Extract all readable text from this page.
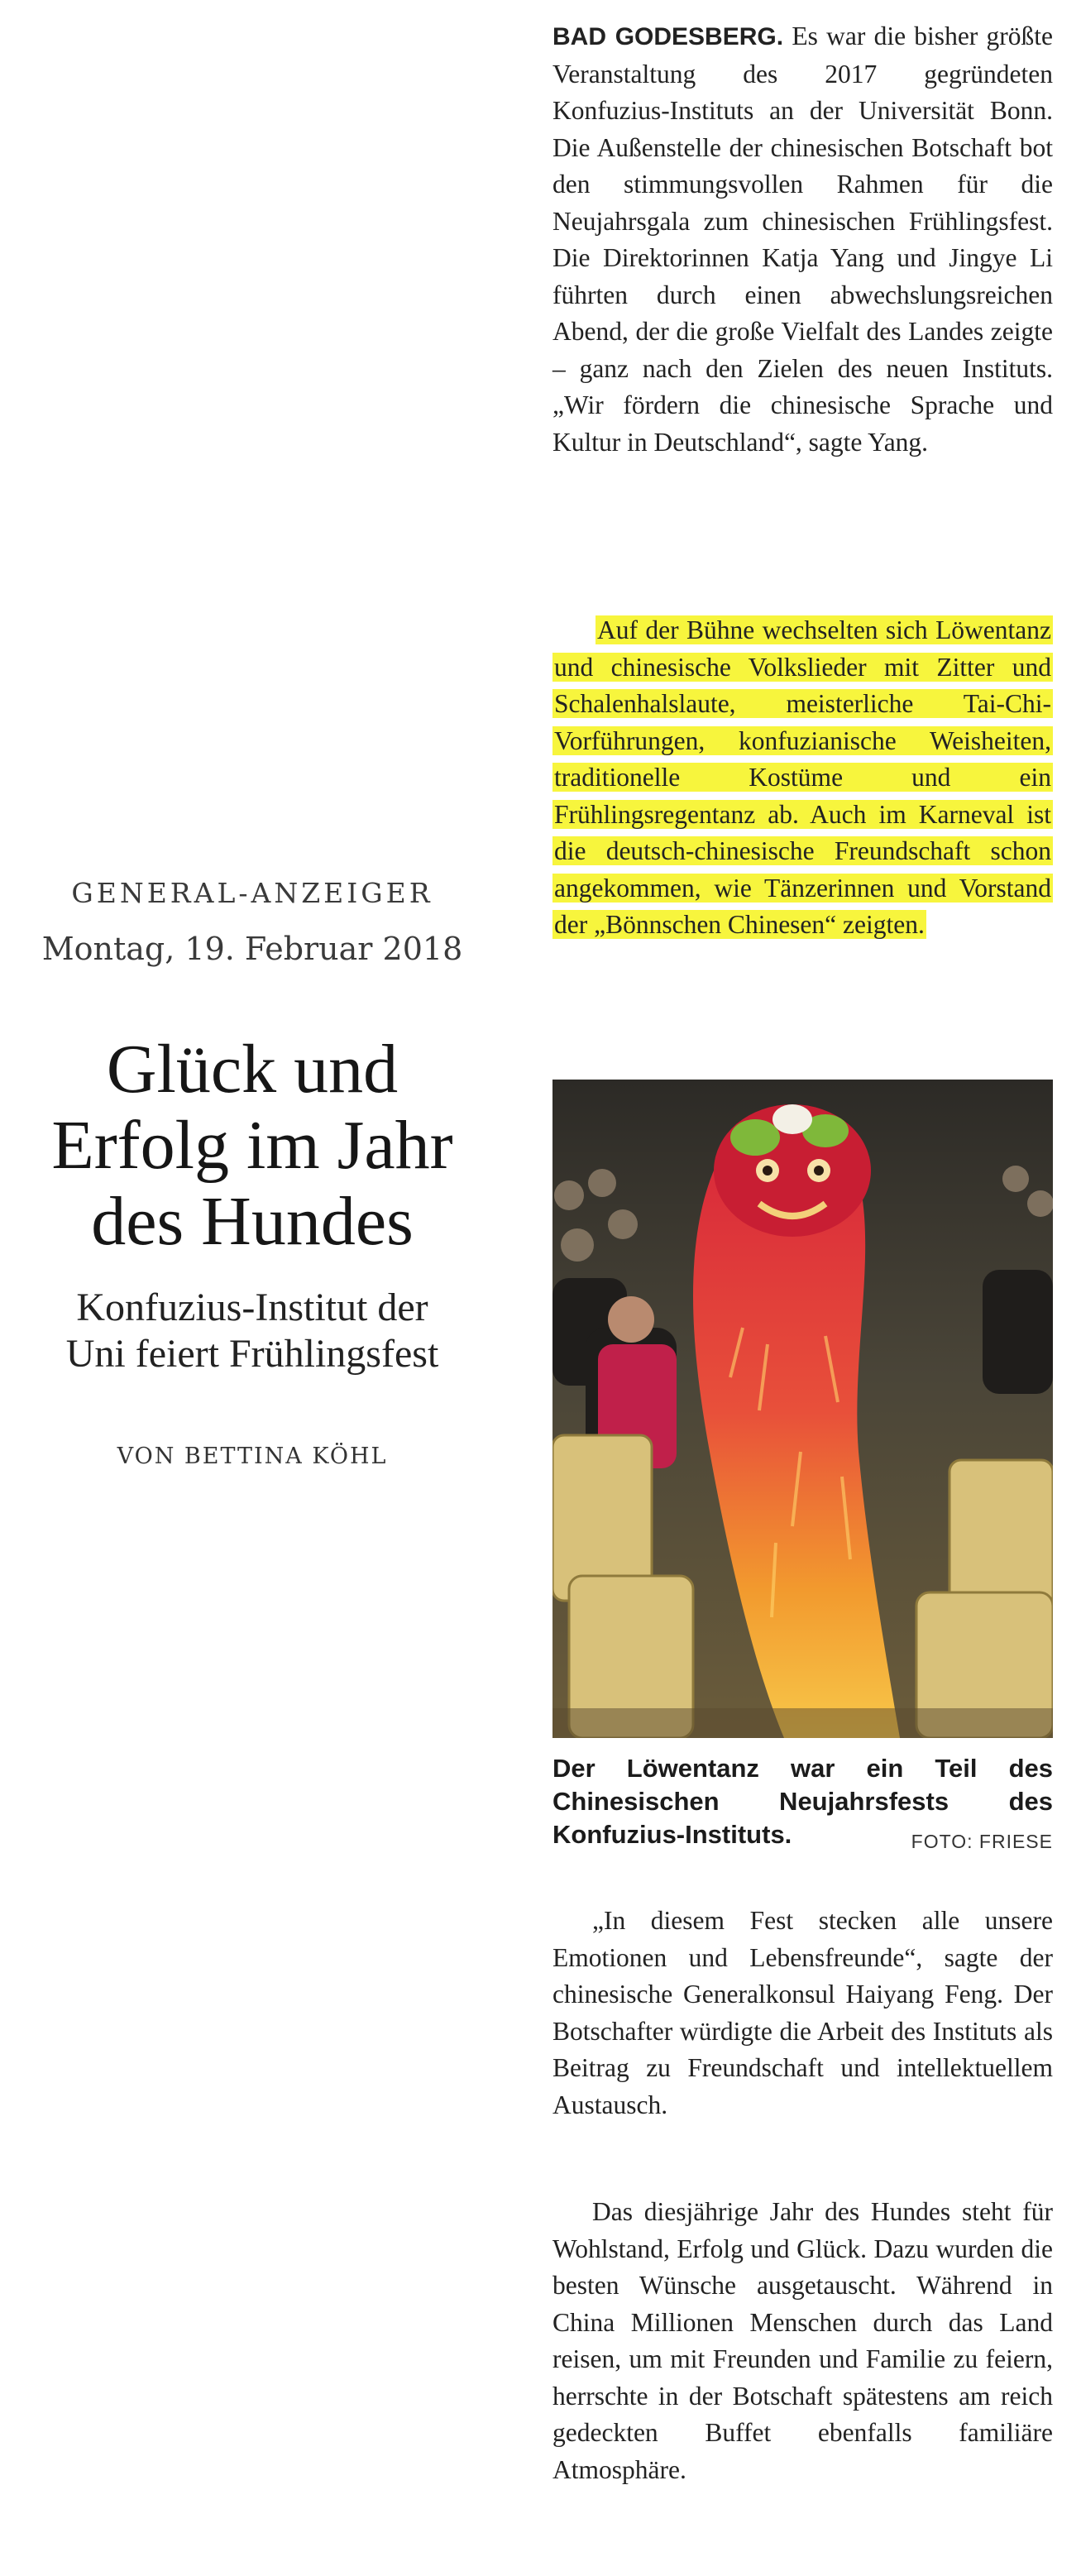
GENERAL-ANZEIGER
Montag, 19. Februar 2018
Glück und
Erfolg im Jahr
des Hundes
Konfuzius-Institut der
Uni feiert Frühlingsfest
VON BETTINA KÖHL

BAD GODESBERG. Es war die bisher größte Veranstaltung des 2017 gegründeten Konfuzius-Instituts an der Universität Bonn. Die Außenstelle der chinesischen Botschaft bot den stimmungsvollen Rahmen für die Neujahrsgala zum chinesischen Frühlingsfest. Die Direktorinnen Katja Yang und Jingye Li führten durch einen abwechslungsreichen Abend, der die große Vielfalt des Landes zeigte – ganz nach den Zielen des neuen Instituts. „Wir fördern die chinesische Sprache und Kultur in Deutschland“, sagte Yang.

Auf der Bühne wechselten sich Löwentanz und chinesische Volkslieder mit Zitter und Schalenhalslaute, meisterliche Tai-Chi-Vorführungen, konfuzianische Weisheiten, traditionelle Kostüme und ein Frühlingsregentanz ab. Auch im Karneval ist die deutsch-chinesische Freundschaft schon angekommen, wie Tänzerinnen und Vorstand der „Bönnschen Chinesen“ zeigten.

Der Löwentanz war ein Teil des Chinesischen Neujahrsfests des Konfuzius-Instituts.	FOTO: FRIESE

„In diesem Fest stecken alle unsere Emotionen und Lebensfreunde“, sagte der chinesische Generalkonsul Haiyang Feng. Der Botschafter würdigte die Arbeit des Instituts als Beitrag zu Freundschaft und intellektuellem Austausch.

Das diesjährige Jahr des Hundes steht für Wohlstand, Erfolg und Glück. Dazu wurden die besten Wünsche ausgetauscht. Während in China Millionen Menschen durch das Land reisen, um mit Freunden und Familie zu feiern, herrschte in der Botschaft spätestens am reich gedeckten Buffet ebenfalls familiäre Atmosphäre.
